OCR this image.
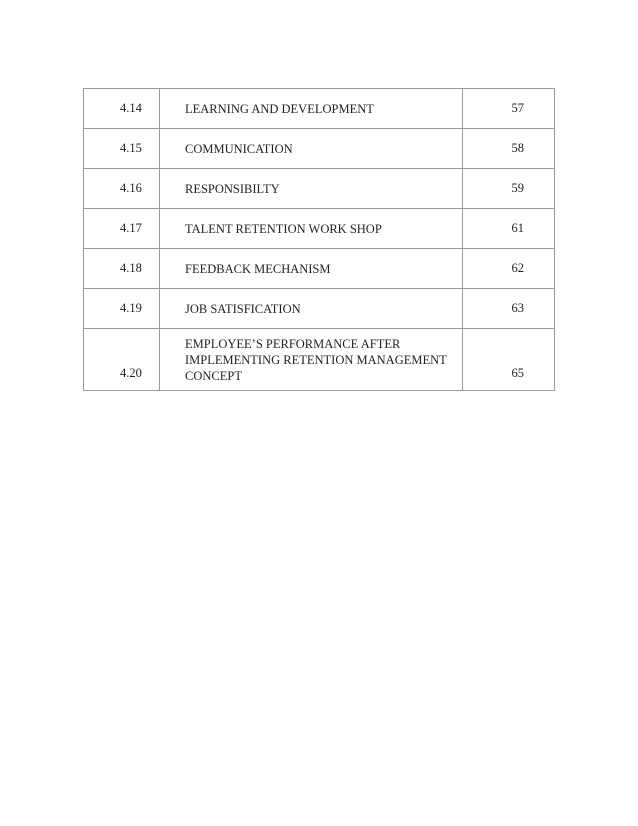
4.14	LEARNING AND DEVELOPMENT	57
4.15	COMMUNICATION	58
4.16	RESPONSIBILTY	59
4.17	TALENT RETENTION WORK SHOP	61
4.18	FEEDBACK MECHANISM	62
4.19	JOB SATISFICATION	63
4.20	EMPLOYEE’S PERFORMANCE AFTER
IMPLEMENTING RETENTION MANAGEMENT
CONCEPT	65
